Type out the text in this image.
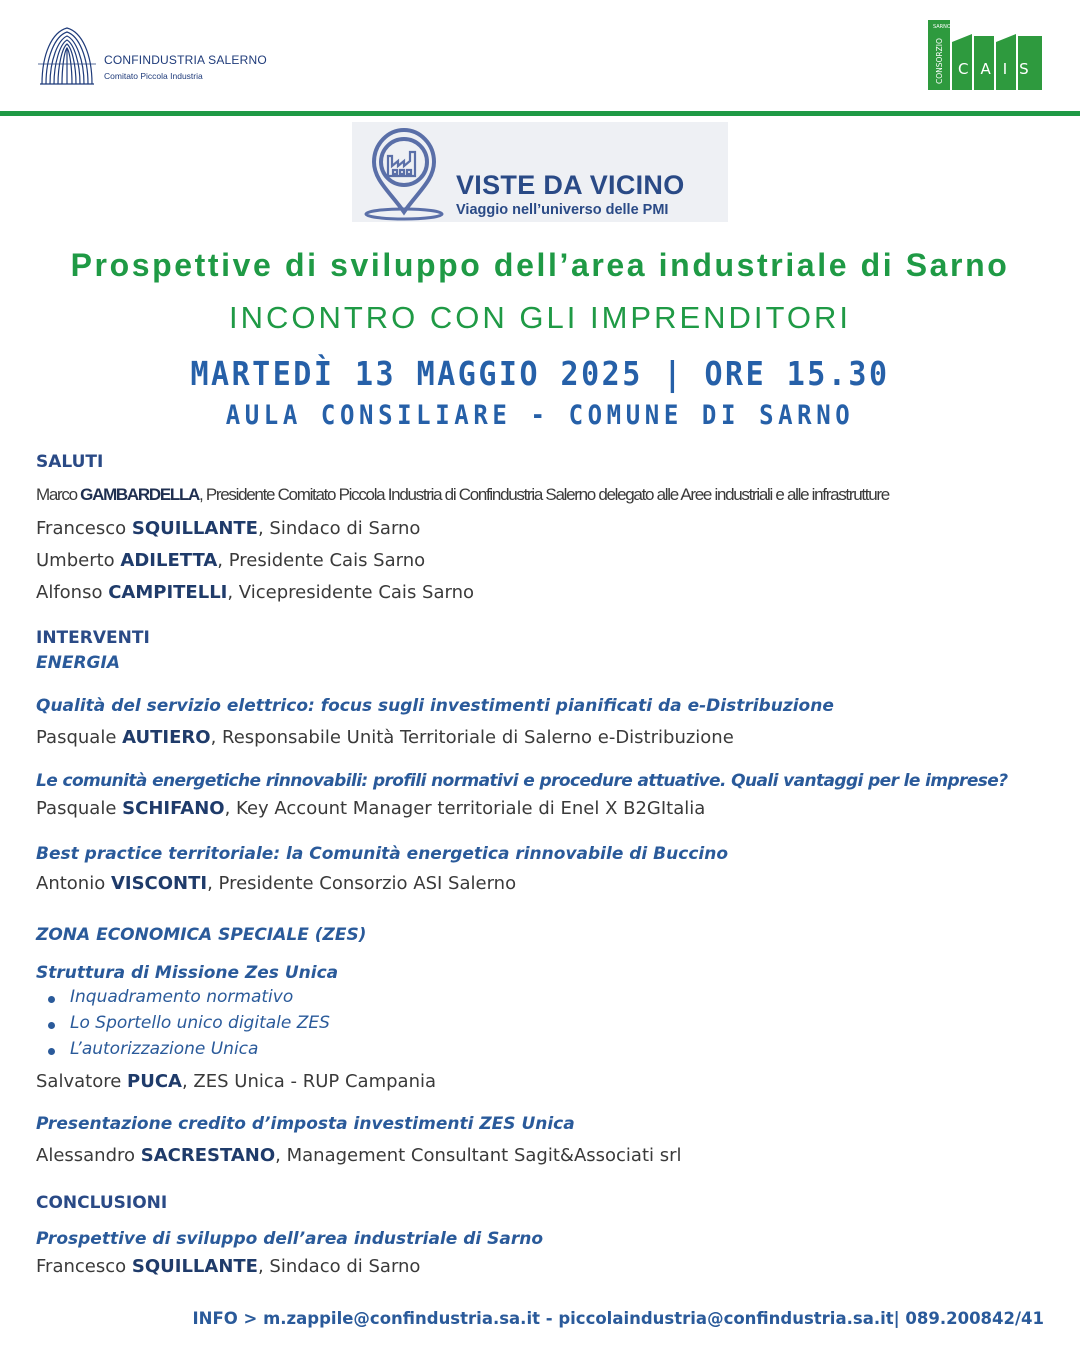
CONFINDUSTRIA SALERNO
Comitato Piccola Industria
SARNO
CONSORZIO CAIS
VISTE DA VICINO
Viaggio nell’universo delle PMI
Prospettive di sviluppo dell’area industriale di Sarno
INCONTRO CON GLI IMPRENDITORI
MARTEDÌ 13 MAGGIO 2025 | ORE 15.30
AULA CONSILIARE - COMUNE DI SARNO
SALUTI
Marco GAMBARDELLA, Presidente Comitato Piccola Industria di Confindustria Salerno delegato alle Aree industriali e alle infrastrutture
Francesco SQUILLANTE, Sindaco di Sarno
Umberto ADILETTA, Presidente Cais Sarno
Alfonso CAMPITELLI, Vicepresidente Cais Sarno
INTERVENTI
ENERGIA
Qualità del servizio elettrico: focus sugli investimenti pianificati da e-Distribuzione
Pasquale AUTIERO, Responsabile Unità Territoriale di Salerno e-Distribuzione
Le comunità energetiche rinnovabili: profili normativi e procedure attuative. Quali vantaggi per le imprese?
Pasquale SCHIFANO, Key Account Manager territoriale di Enel X B2GItalia
Best practice territoriale: la Comunità energetica rinnovabile di Buccino
Antonio VISCONTI, Presidente Consorzio ASI Salerno
ZONA ECONOMICA SPECIALE (ZES)
Struttura di Missione Zes Unica
Inquadramento normativo
Lo Sportello unico digitale ZES
L’autorizzazione Unica
Salvatore PUCA, ZES Unica - RUP Campania
Presentazione credito d’imposta investimenti ZES Unica
Alessandro SACRESTANO, Management Consultant Sagit&Associati srl
CONCLUSIONI
Prospettive di sviluppo dell’area industriale di Sarno
Francesco SQUILLANTE, Sindaco di Sarno
INFO > m.zappile@confindustria.sa.it - piccolaindustria@confindustria.sa.it| 089.200842/41
